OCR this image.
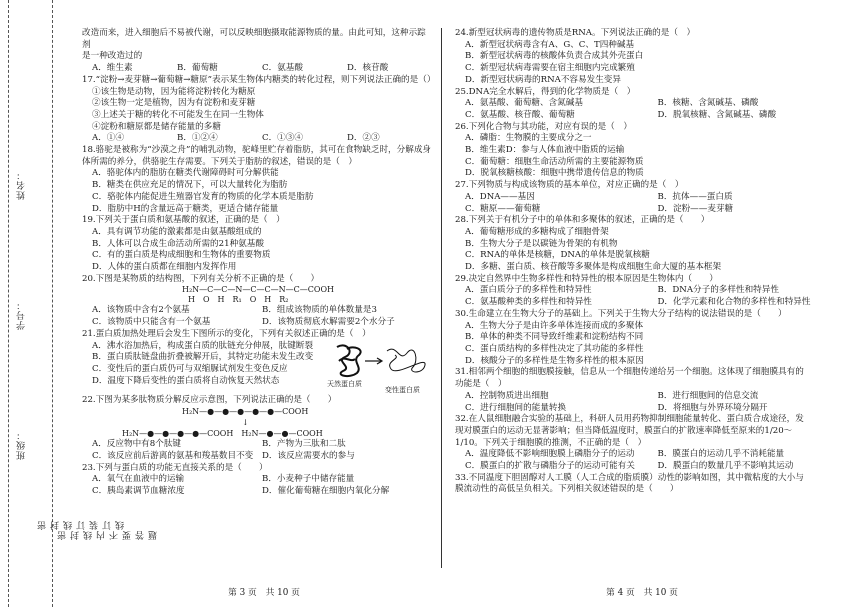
班级：
学号：
姓名：
密 封 线 内 不 要 答 题
密 封 线 订 装 订 线

改造而来，进入细胞后不易被代谢，可以反映细胞摄取能源物质的量。由此可知，这种示踪剂

是一种改造过的

A．维生素	B．葡萄糖	C．氨基酸	D．核苷酸

17.“淀粉→麦芽糖→葡萄糖→糖原”表示某生物体内糖类的转化过程，则下列说法正确的是（）

①该生物是动物，因为能将淀粉转化为糖原

②该生物一定是植物，因为有淀粉和麦芽糖

③上述关于糖的转化不可能发生在同一生物体

④淀粉和糖原都是储存能量的多糖

A．①④	B．①②④	C．①③④	D．②③

18.骆驼是被称为“沙漠之舟”的哺乳动物，驼峰里贮存着脂肪，其可在食物缺乏时，分解成身

体所需的养分，供骆驼生存需要。下列关于脂肪的叙述，错误的是（　）

A．骆驼体内的脂肪在糖类代谢障碍时可分解供能

B．糖类在供应充足的情况下，可以大量转化为脂肪

C．骆驼体内能促进生殖器官发育的物质的化学本质是脂肪

D．脂肪中H的含量远高于糖类，更适合储存能量

19.下列关于蛋白质和氨基酸的叙述，正确的是（　）

A．具有调节功能的激素都是由氨基酸组成的

B．人体可以合成生命活动所需的21种氨基酸

C．有的蛋白质是构成细胞和生物体的重要物质

D．人体的蛋白质都在细胞内发挥作用

20.下图是某物质的结构图，下列有关分析不正确的是（　　）

H₂N—C—C—N—C—C—N—C—COOH
H　O　H　R₁　O　H　R₂
A．该物质中含有2个氨基	B．组成该物质的单体数量是3
C．该物质中只能含有一个氨基	D．该物质彻底水解需要2个水分子

21.蛋白质加热处理后会发生下图所示的变化，下列有关叙述正确的是（　）

A．沸水浴加热后，构成蛋白质的肽链充分伸展，肽键断裂

B．蛋白质肽链盘曲折叠被解开后，其特定功能未发生改变

C．变性后的蛋白质仍可与双缩脲试剂发生变色反应

D．温度下降后变性的蛋白质将自动恢复天然状态	天然蛋白质
变性蛋白质

22.下图为某多肽物质分解反应示意图，下列说法正确的是（　　）

H₂N—●—●—●—●—●—COOH
↓
H₂N—●—●—●—●—COOH　H₂N—●—●—COOH
A．反应物中有8个肽键	B．产物为三肽和二肽
C．该反应前后游离的氨基和羧基数目不变	D．该反应需要水的参与

23.下列与蛋白质的功能无直接关系的是（　　）

A．氧气在血液中的运输	B．小麦种子中储存能量
C．胰岛素调节血糖浓度	D．催化葡萄糖在细胞内氧化分解

24.新型冠状病毒的遗传物质是RNA。下列说法正确的是（　）

A．新型冠状病毒含有A、G、C、T四种碱基

B．新型冠状病毒的核酸体负责合成其外壳蛋白

C．新型冠状病毒需要在宿主细胞内完成繁殖

D．新型冠状病毒的RNA不容易发生变异

25.DNA完全水解后，得到的化学物质是（　）

A．氨基酸、葡萄糖、含氮碱基	B．核糖、含氮碱基、磷酸
C．氨基酸、核苷酸、葡萄糖	D．脱氧核糖、含氮碱基、磷酸

26.下列化合物与其功能，对应有误的是（　）

A．磷脂：生物膜的主要成分之一

B．维生素D：参与人体血液中脂质的运输

C．葡萄糖：细胞生命活动所需的主要能源物质

D．脱氧核糖核酸：细胞中携带遗传信息的物质

27.下列物质与构成该物质的基本单位，对应正确的是（　）

A．DNA——基因	B．抗体——蛋白质
C．糖原——葡萄糖	D．淀粉——麦芽糖

28.下列关于有机分子中的单体和多聚体的叙述，正确的是（　　）

A．葡萄糖形成的多糖构成了细胞骨架

B．生物大分子是以碳链为骨架的有机物

C．RNA的单体是核糖，DNA的单体是脱氧核糖

D．多糖、蛋白质、核苷酸等多聚体是构成细胞生命大厦的基本框架

29.决定自然界中生物多样性和特异性的根本原因是生物体内（　　）

A．蛋白质分子的多样性和特异性	B．DNA分子的多样性和特异性
C．氨基酸种类的多样性和特异性	D．化学元素和化合物的多样性和特异性

30.生命建立在生物大分子的基础上。下列关于生物大分子结构的说法错误的是（　　）

A．生物大分子是由许多单体连接而成的多聚体

B．单体的种类不同导致纤维素和淀粉结构不同

C．蛋白质结构的多样性决定了其功能的多样性

D．核酸分子的多样性是生物多样性的根本原因

31.相邻两个细胞的细胞膜接触，信息从一个细胞传递给另一个细胞。这体现了细胞膜具有的

功能是（　）

A．控制物质进出细胞	B．进行细胞间的信息交流
C．进行细胞间的能量转换	D．将细胞与外界环境分隔开

32.在人鼠细胞融合实验的基础上，科研人员用药物抑制细胞能量转化、蛋白质合成途径，发

现对膜蛋白的运动无显著影响；但当降低温度时，膜蛋白的扩散速率降低至原来的1/20～

1/10。下列关于细胞膜的推测，不正确的是（　）

A．温度降低不影响细胞膜上磷脂分子的运动	B．膜蛋白的运动几乎不消耗能量
C．膜蛋白的扩散与磷脂分子的运动可能有关	D．膜蛋白的数量几乎不影响其运动

33.不同温度下胆固醇对人工膜（人工合成的脂质膜）动性的影响如图，其中微粘度的大小与

膜流动性的高低呈负相关。下列相关叙述错误的是（　　）

第 3 页　共 10 页	第 4 页　共 10 页
